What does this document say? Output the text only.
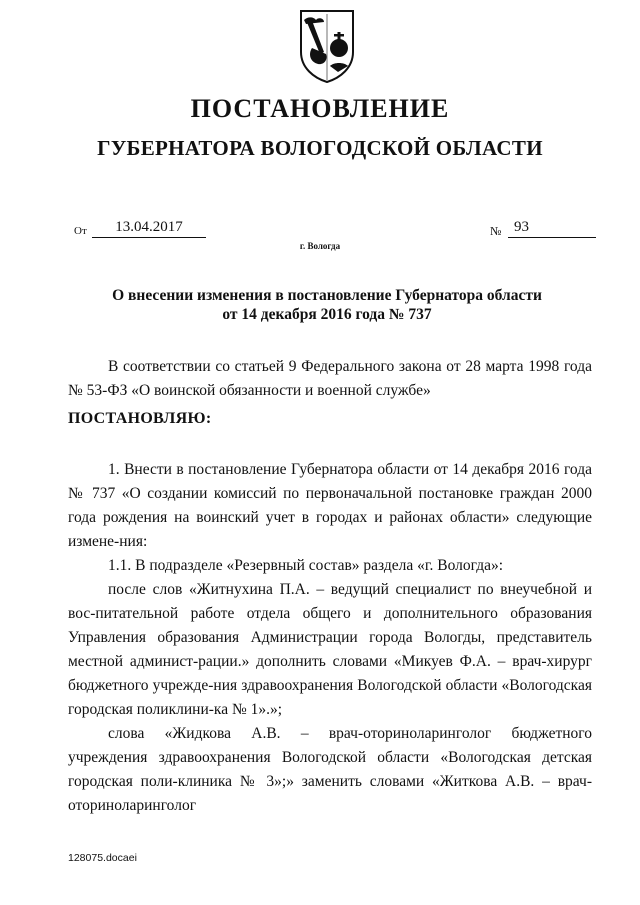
ПОСТАНОВЛЕНИЕ
ГУБЕРНАТОРА ВОЛОГОДСКОЙ ОБЛАСТИ
От	13.04.2017	№ 93
г. Вологда
О внесении изменения в постановление Губернатора области
от 14 декабря 2016 года № 737

В соответствии со статьей 9 Федерального закона от 28 марта 1998 года № 53-ФЗ «О воинской обязанности и военной службе»

ПОСТАНОВЛЯЮ:

1. Внести в постановление Губернатора области от 14 декабря 2016 года № 737 «О создании комиссий по первоначальной постановке граждан 2000 года рождения на воинский учет в городах и районах области» следующие измене-ния:

1.1. В подразделе «Резервный состав» раздела «г. Вологда»:

после слов «Житнухина П.А. – ведущий специалист по внеучебной и вос-питательной работе отдела общего и дополнительного образования Управления образования Администрации города Вологды, представитель местной админист-рации.» дополнить словами «Микуев Ф.А. – врач-хирург бюджетного учрежде-ния здравоохранения Вологодской области «Вологодская городская поликлини-ка № 1».»;

слова «Жидкова А.В. – врач-оториноларинголог бюджетного учреждения здравоохранения Вологодской области «Вологодская детская городская поли-клиника № 3»;» заменить словами «Житкова А.В. – врач-оториноларинголог

128075.docaei
